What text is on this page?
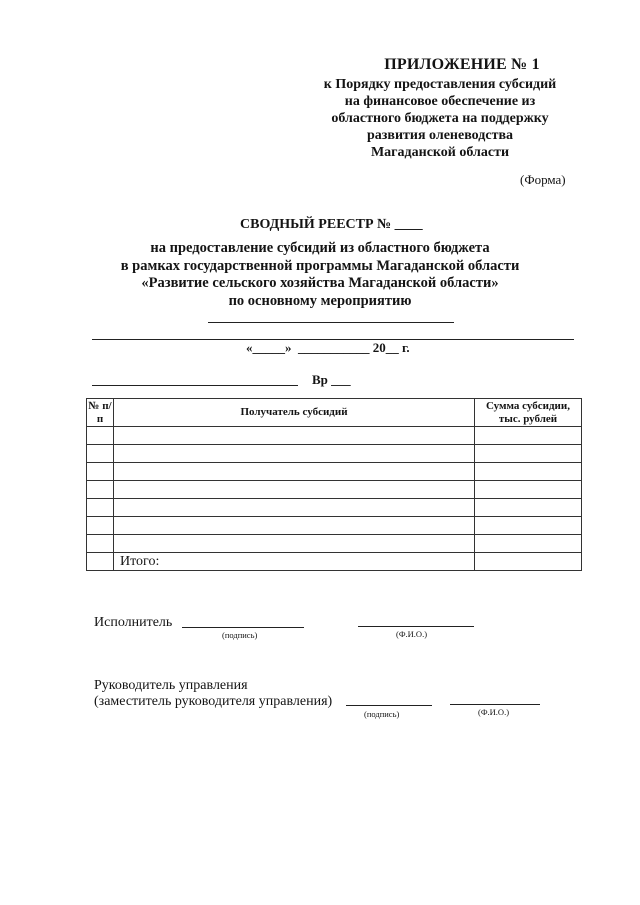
ПРИЛОЖЕНИЕ № 1
к Порядку предоставления субсидий
на финансовое обеспечение из
областного бюджета на поддержку
развития оленеводства
Магаданской области
(Форма)
СВОДНЫЙ РЕЕСТР № ____
на предоставление субсидий из областного бюджета
в рамках государственной программы Магаданской области
«Развитие сельского хозяйства Магаданской области»
по основному мероприятию
«_____»  ___________ 20__ г.
Вр ___
№ п/п	Получатель субсидий	Сумма субсидии, тыс. рублей

	Итого:	
Исполнитель
(подпись)	(Ф.И.О.)
Руководитель управления
(заместитель руководителя управления)
(подпись)	(Ф.И.О.)
